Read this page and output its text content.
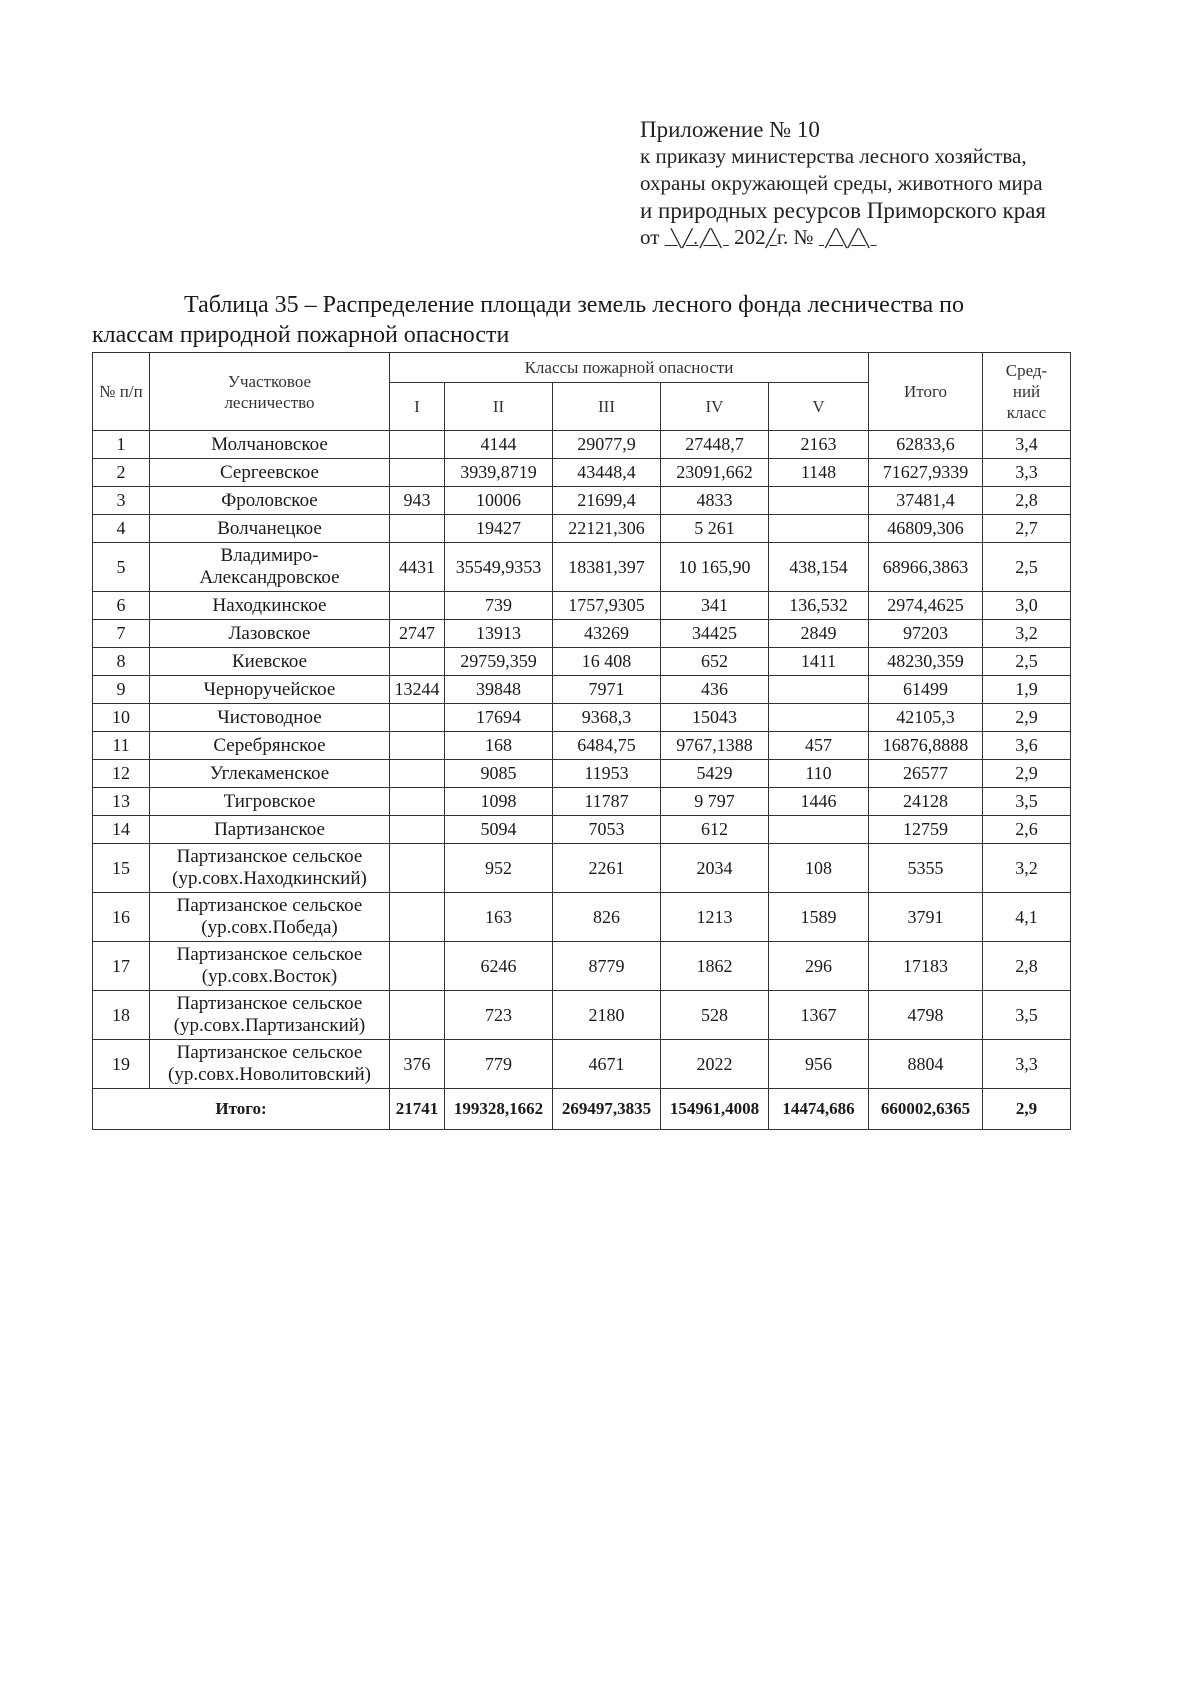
Приложение № 10
к приказу министерства лесного хозяйства,
охраны окружающей среды, животного мира
и природных ресурсов Приморского края
от  ╲╱.╱╲  202╱г. №  ╱╲╱╲
Таблица 35 – Распределение площади земель лесного фонда лесничества по
классам природной пожарной опасности
№ п/п	Участковое лесничество	Классы пожарной опасности					Итого	Сред-ний класс
		I	II	III	IV	V		
1	Молчановское		4144	29077,9	27448,7	2163	62833,6	3,4
2	Сергеевское		3939,8719	43448,4	23091,662	1148	71627,9339	3,3
3	Фроловское	943	10006	21699,4	4833		37481,4	2,8
4	Волчанецкое		19427	22121,306	5 261		46809,306	2,7
5	Владимиро-Александровское	4431	35549,9353	18381,397	10 165,90	438,154	68966,3863	2,5
6	Находкинское		739	1757,9305	341	136,532	2974,4625	3,0
7	Лазовское	2747	13913	43269	34425	2849	97203	3,2
8	Киевское		29759,359	16 408	652	1411	48230,359	2,5
9	Черноручейское	13244	39848	7971	436		61499	1,9
10	Чистоводное		17694	9368,3	15043		42105,3	2,9
11	Серебрянское		168	6484,75	9767,1388	457	16876,8888	3,6
12	Углекаменское		9085	11953	5429	110	26577	2,9
13	Тигровское		1098	11787	9 797	1446	24128	3,5
14	Партизанское		5094	7053	612		12759	2,6
15	Партизанское сельское (ур.совх.Находкинский)		952	2261	2034	108	5355	3,2
16	Партизанское сельское (ур.совх.Победа)		163	826	1213	1589	3791	4,1
17	Партизанское сельское (ур.совх.Восток)		6246	8779	1862	296	17183	2,8
18	Партизанское сельское (ур.совх.Партизанский)		723	2180	528	1367	4798	3,5
19	Партизанское сельское (ур.совх.Новолитовский)	376	779	4671	2022	956	8804	3,3
Итого:		21741	199328,1662	269497,3835	154961,4008	14474,686	660002,6365	2,9
